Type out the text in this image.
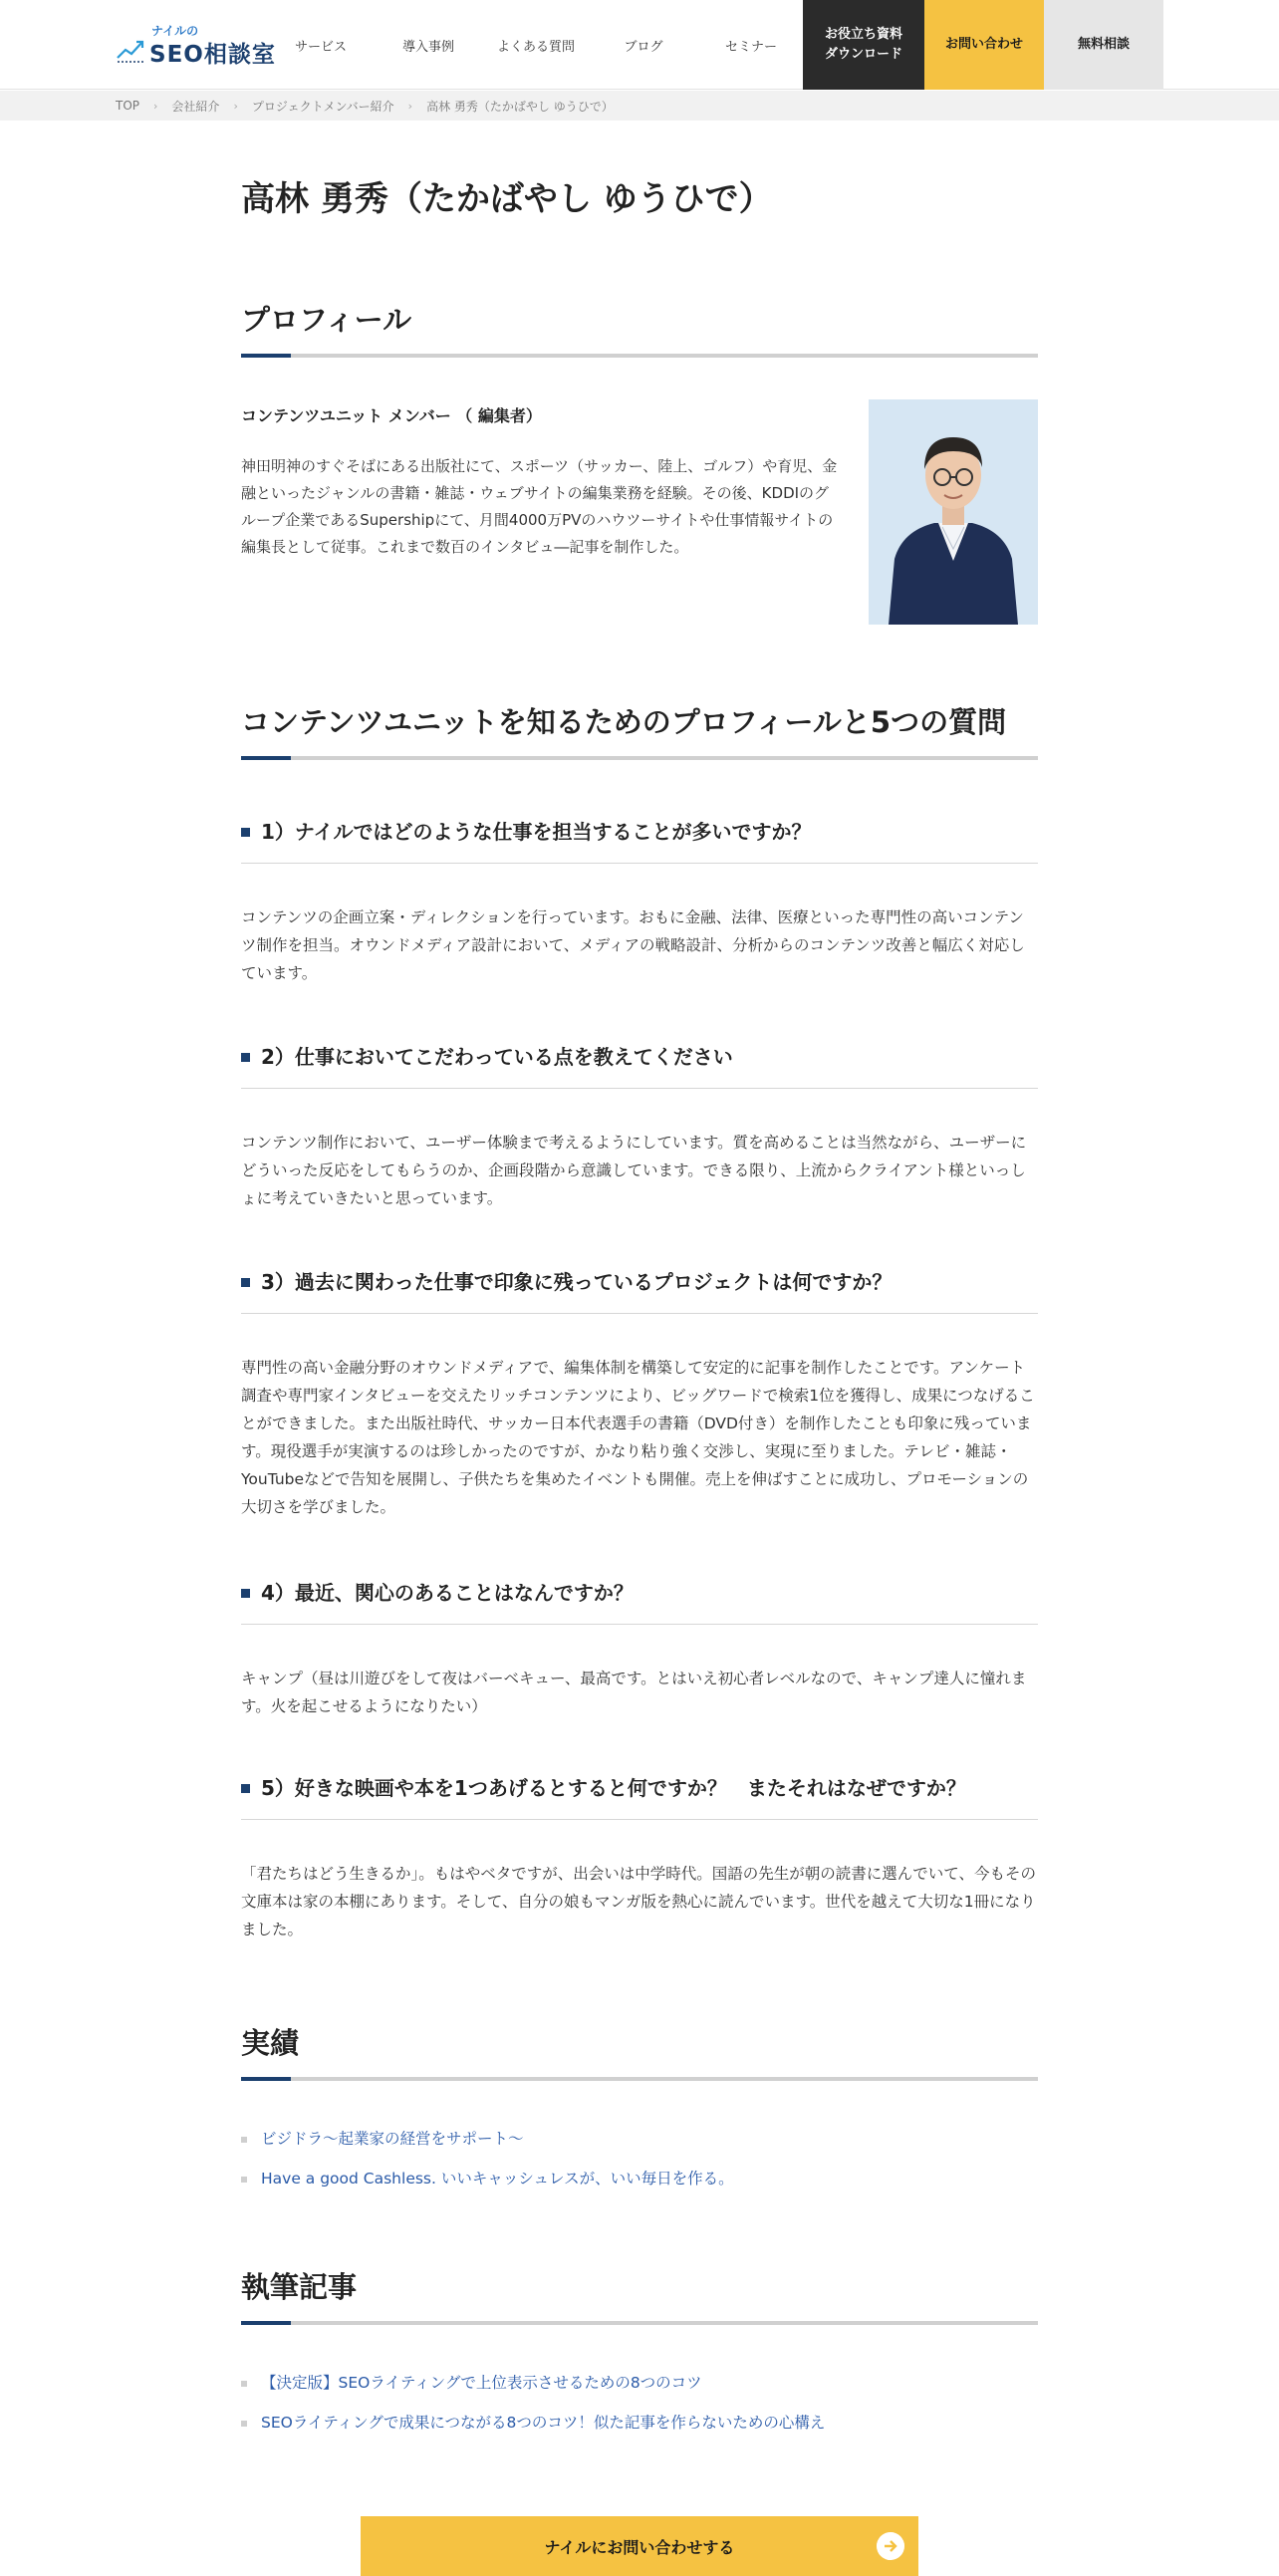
ナイルの
SEO相談室	サービス	導入事例	よくある質問	ブログ	セミナー
お役立ち資料
ダウンロード
お問い合わせ	無料相談
TOP › 会社紹介 › プロジェクトメンバー紹介 › 高林 勇秀（たかばやし ゆうひで）
高林 勇秀（たかばやし ゆうひで）
プロフィール
コンテンツユニット メンバー （ 編集者）

神田明神のすぐそばにある出版社にて、スポーツ（サッカー、陸上、ゴルフ）や育児、金融といったジャンルの書籍・雑誌・ウェブサイトの編集業務を経験。その後、KDDIのグループ企業であるSupershipにて、月間4000万PVのハウツーサイトや仕事情報サイトの編集長として従事。これまで数百のインタビュ―記事を制作した。

コンテンツユニットを知るためのプロフィールと5つの質問
1）ナイルではどのような仕事を担当することが多いですか？

コンテンツの企画立案・ディレクションを行っています。おもに金融、法律、医療といった専門性の高いコンテンツ制作を担当。オウンドメディア設計において、メディアの戦略設計、分析からのコンテンツ改善と幅広く対応しています。

2）仕事においてこだわっている点を教えてください

コンテンツ制作において、ユーザー体験まで考えるようにしています。質を高めることは当然ながら、ユーザーにどういった反応をしてもらうのか、企画段階から意識しています。できる限り、上流からクライアント様といっしょに考えていきたいと思っています。

3）過去に関わった仕事で印象に残っているプロジェクトは何ですか？

専門性の高い金融分野のオウンドメディアで、編集体制を構築して安定的に記事を制作したことです。アンケート調査や専門家インタビューを交えたリッチコンテンツにより、ビッグワードで検索1位を獲得し、成果につなげることができました。また出版社時代、サッカー日本代表選手の書籍（DVD付き）を制作したことも印象に残っています。現役選手が実演するのは珍しかったのですが、かなり粘り強く交渉し、実現に至りました。テレビ・雑誌・YouTubeなどで告知を展開し、子供たちを集めたイベントも開催。売上を伸ばすことに成功し、プロモーションの大切さを学びました。

4）最近、関心のあることはなんですか？

キャンプ（昼は川遊びをして夜はバーベキュー、最高です。とはいえ初心者レベルなので、キャンプ達人に憧れます。火を起こせるようになりたい）

5）好きな映画や本を1つあげるとすると何ですか？　またそれはなぜですか？

「君たちはどう生きるか」。もはやベタですが、出会いは中学時代。国語の先生が朝の読書に選んでいて、今もその文庫本は家の本棚にあります。そして、自分の娘もマンガ版を熱心に読んでいます。世代を越えて大切な1冊になりました。

実績
ビジドラ～起業家の経営をサポート～
Have a good Cashless. いいキャッシュレスが、いい毎日を作る。
執筆記事
【決定版】SEOライティングで上位表示させるための8つのコツ
SEOライティングで成果につながる8つのコツ！似た記事を作らないための心構え
ナイルにお問い合わせする
